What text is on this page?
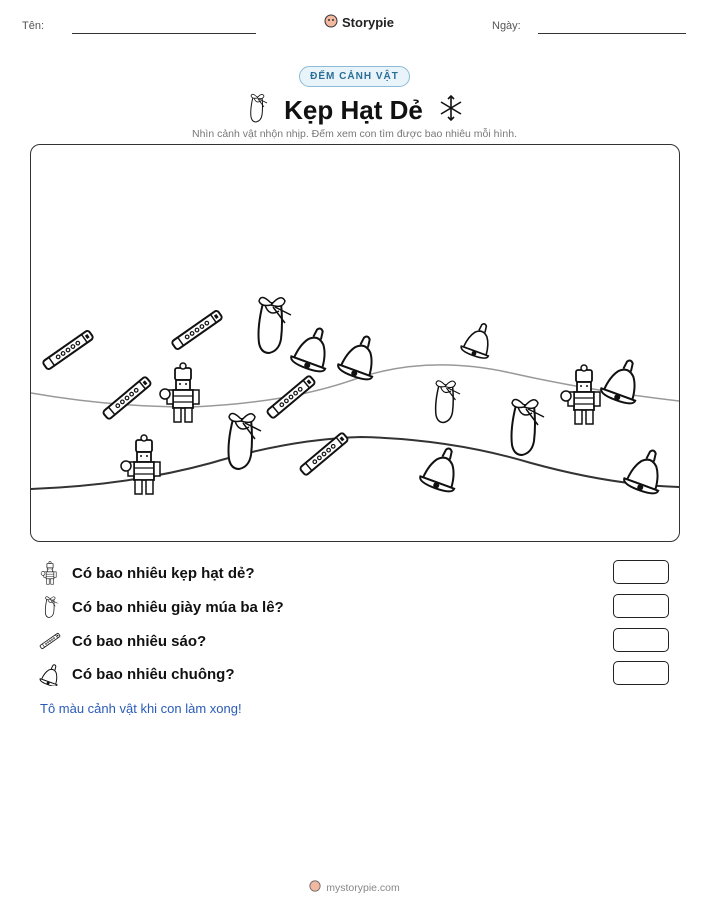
Tên:	Storypie	Ngày:
ĐẾM CẢNH VẬT
Kẹp Hạt Dẻ
Nhìn cảnh vật nhộn nhịp. Đếm xem con tìm được bao nhiêu mỗi hình.
Có bao nhiêu kẹp hạt dẻ?
Có bao nhiêu giày múa ba lê?
Có bao nhiêu sáo?
Có bao nhiêu chuông?
Tô màu cảnh vật khi con làm xong!
mystorypie.com
